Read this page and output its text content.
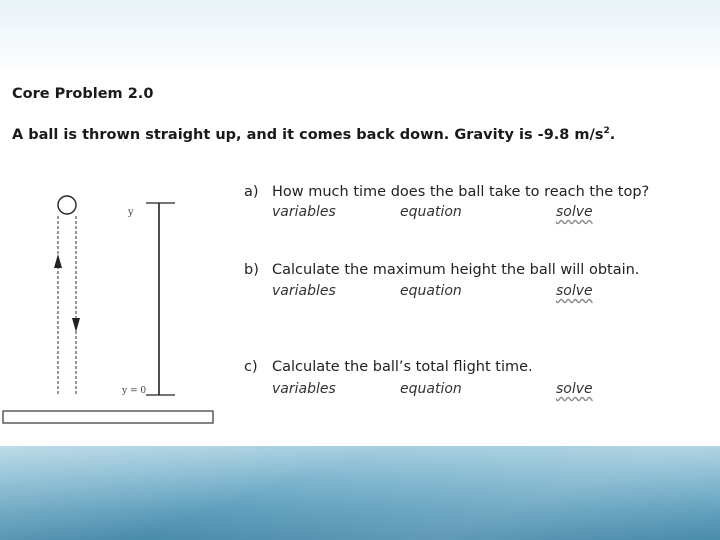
Core Problem 2.0
A ball is thrown straight up, and it comes back down. Gravity is -9.8 $m/s^2$.
y
y = 0
a) How much time does the ball take to reach the top?
variables	equation	solve
b) Calculate the maximum height the ball will obtain.
variables	equation	solve
c) Calculate the ball’s total flight time.
variables	equation	solve
